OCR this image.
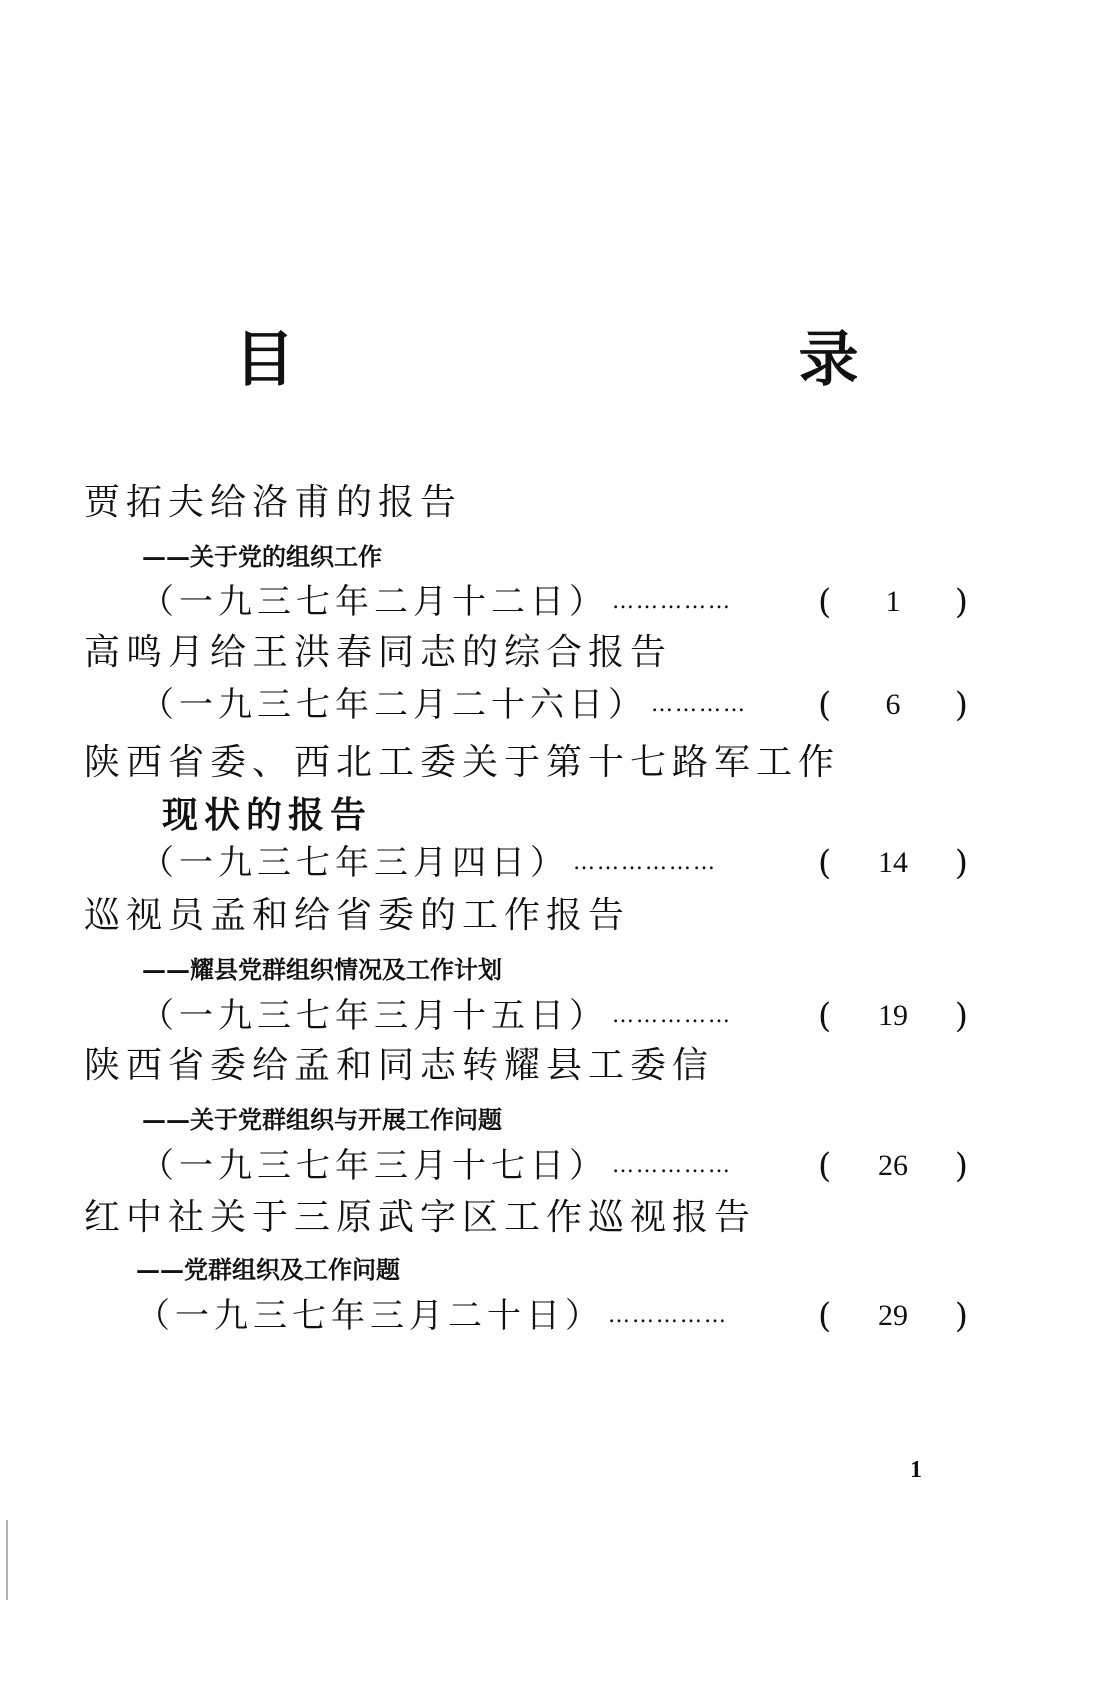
目　　录
贾拓夫给洛甫的报告
——关于党的组织工作
（一九三七年二月十二日） ……………	(	1	)
高鸣月给王洪春同志的综合报告
（一九三七年二月二十六日） ………… (	6	)
陕西省委、西北工委关于第十七路军工作
现状的报告
（一九三七年三月四日） ………………	(	14	)
巡视员孟和给省委的工作报告
——耀县党群组织情况及工作计划
（一九三七年三月十五日） ……………	(	19	)
陕西省委给孟和同志转耀县工委信
——关于党群组织与开展工作问题
（一九三七年三月十七日） ……………	(	26	)
红中社关于三原武字区工作巡视报告
——党群组织及工作问题
（一九三七年三月二十日） ……………	(	29	)
1
